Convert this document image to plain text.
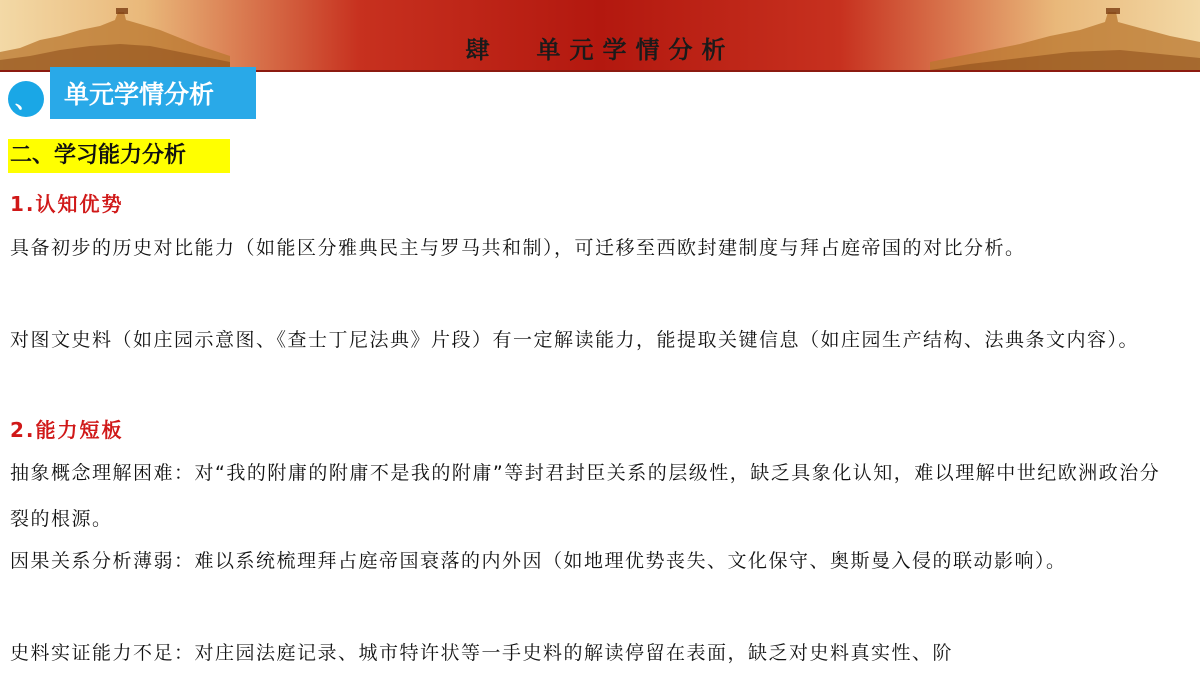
肆 单元学情分析
、 单元学情分析
二、学习能力分析
1.认知优势
具备初步的历史对比能力（如能区分雅典民主与罗马共和制），可迁移至西欧封建制度与拜占庭帝国的对比分析。
对图文史料（如庄园示意图、《查士丁尼法典》片段）有一定解读能力，能提取关键信息（如庄园生产结构、法典条文内容）。
2.能力短板
抽象概念理解困难：对“我的附庸的附庸不是我的附庸”等封君封臣关系的层级性，缺乏具象化认知，难以理解中世纪欧洲政治分裂的根源。
因果关系分析薄弱：难以系统梳理拜占庭帝国衰落的内外因（如地理优势丧失、文化保守、奥斯曼入侵的联动影响）。
史料实证能力不足：对庄园法庭记录、城市特许状等一手史料的解读停留在表面，缺乏对史料真实性、阶
